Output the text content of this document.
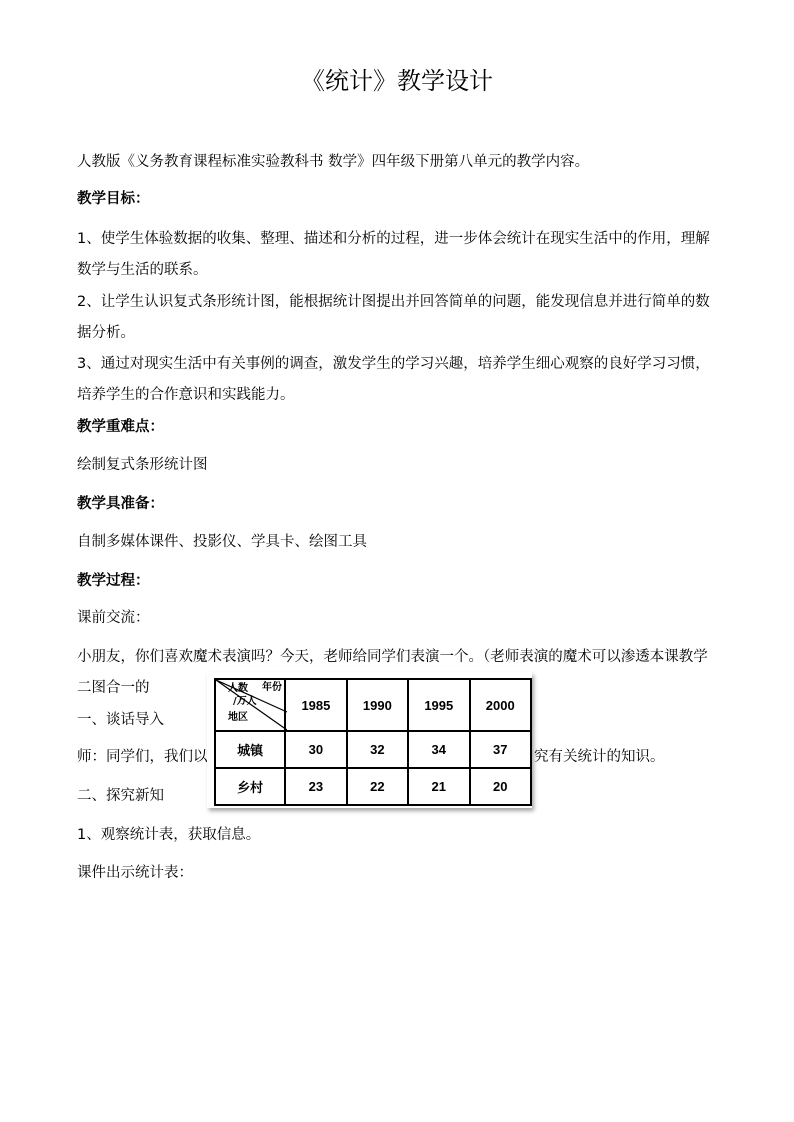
《统计》教学设计
人教版《义务教育课程标准实验教科书 数学》四年级下册第八单元的教学内容。
教学目标：
1、使学生体验数据的收集、整理、描述和分析的过程，进一步体会统计在现实生活中的作用，理解数学与生活的联系。
2、让学生认识复式条形统计图，能根据统计图提出并回答简单的问题，能发现信息并进行简单的数据分析。
3、通过对现实生活中有关事例的调查，激发学生的学习兴趣，培养学生细心观察的良好学习习惯，培养学生的合作意识和实践能力。
教学重难点：
绘制复式条形统计图
教学具准备：
自制多媒体课件、投影仪、学具卡、绘图工具
教学过程：
课前交流：
小朋友，你们喜欢魔术表演吗？今天，老师给同学们表演一个。（老师表演的魔术可以渗透本课教学二图合一的
一、谈话导入
师：同学们，我们以	究有关统计的知识。
二、探究新知
1、观察统计表，获取信息。
课件出示统计表：
年份
人数
/万人
地区	1985	1990	1995	2000
城镇	30	32	34	37
乡村	23	22	21	20
